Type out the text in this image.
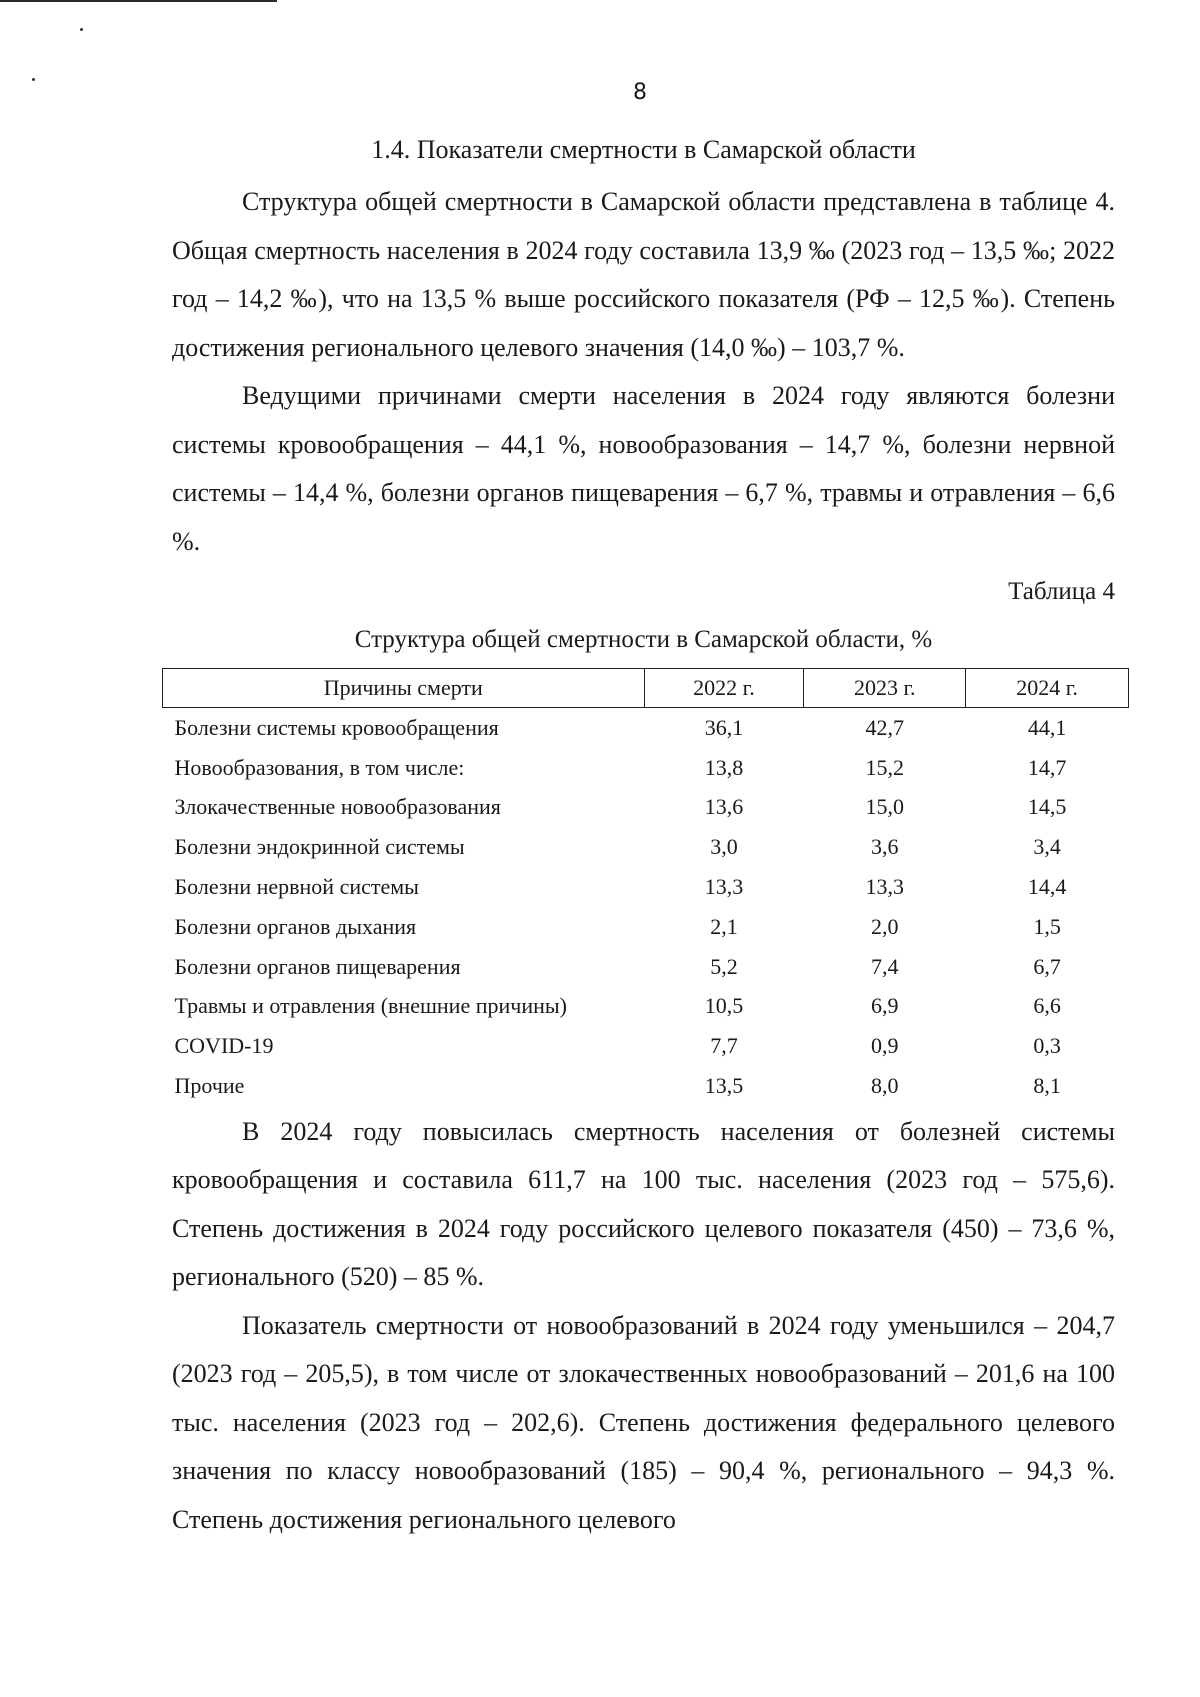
8
1.4. Показатели смертности в Самарской области

Структура общей смертности в Самарской области представлена в таблице 4. Общая смертность населения в 2024 году составила 13,9 ‰ (2023 год – 13,5 ‰; 2022 год – 14,2 ‰), что на 13,5 % выше российского показателя (РФ – 12,5 ‰). Степень достижения регионального целевого значения (14,0 ‰) – 103,7 %.

Ведущими причинами смерти населения в 2024 году являются болезни системы кровообращения – 44,1 %, новообразования – 14,7 %, болезни нервной системы – 14,4 %, болезни органов пищеварения – 6,7 %, травмы и отравления – 6,6 %.

Таблица 4
Структура общей смертности в Самарской области, %
Причины смерти	2022 г.	2023 г.	2024 г.
Болезни системы кровообращения	36,1	42,7	44,1
Новообразования, в том числе:	13,8	15,2	14,7
Злокачественные новообразования	13,6	15,0	14,5
Болезни эндокринной системы	3,0	3,6	3,4
Болезни нервной системы	13,3	13,3	14,4
Болезни органов дыхания	2,1	2,0	1,5
Болезни органов пищеварения	5,2	7,4	6,7
Травмы и отравления (внешние причины)	10,5	6,9	6,6
COVID-19	7,7	0,9	0,3
Прочие	13,5	8,0	8,1

В 2024 году повысилась смертность населения от болезней системы кровообращения и составила 611,7 на 100 тыс. населения (2023 год – 575,6). Степень достижения в 2024 году российского целевого показателя (450) – 73,6 %, регионального (520) – 85 %.

Показатель смертности от новообразований в 2024 году уменьшился – 204,7 (2023 год – 205,5), в том числе от злокачественных новообразований – 201,6 на 100 тыс. населения (2023 год – 202,6). Степень достижения федерального целевого значения по классу новообразований (185) – 90,4 %, регионального – 94,3 %. Степень достижения регионального целевого
